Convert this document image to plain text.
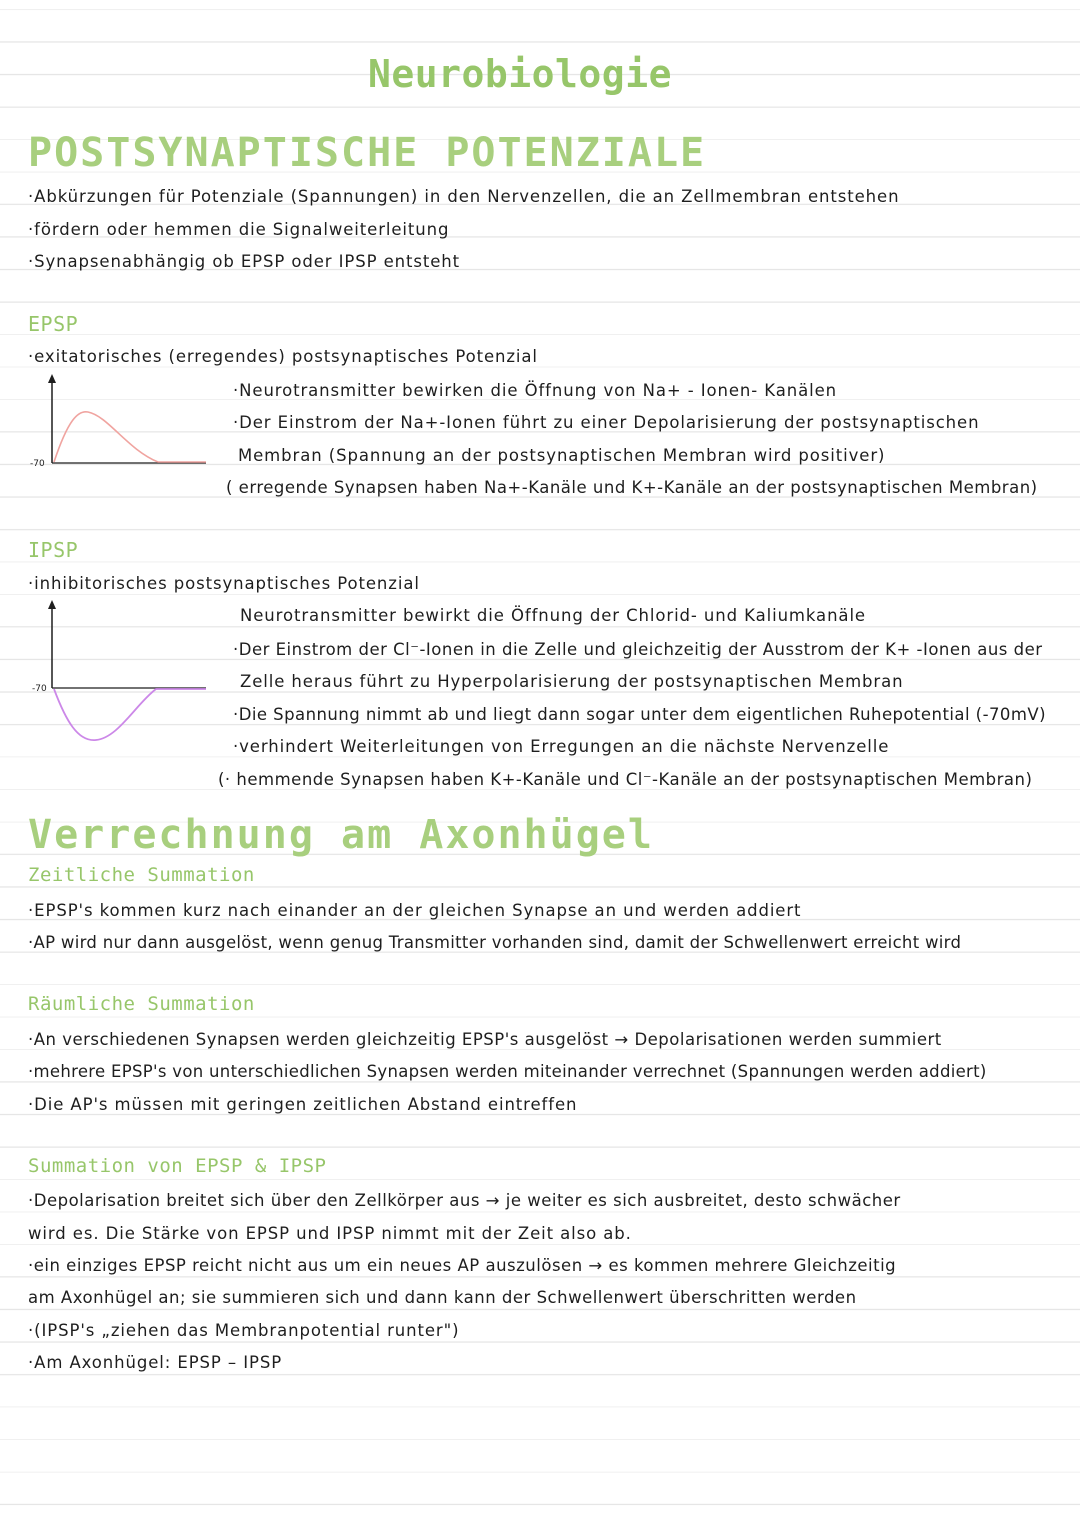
Neurobiologie
POSTSYNAPTISCHE POTENZIALE
·Abkürzungen für Potenziale (Spannungen) in den Nervenzellen, die an Zellmembran entstehen
·fördern oder hemmen die Signalweiterleitung
·Synapsenabhängig ob EPSP oder IPSP entsteht
EPSP
·exitatorisches (erregendes) postsynaptisches Potenzial
-70
·Neurotransmitter bewirken die Öffnung von Na+ - Ionen- Kanälen
·Der Einstrom der Na+-Ionen führt zu einer Depolarisierung der postsynaptischen
Membran (Spannung an der postsynaptischen Membran wird positiver)
( erregende Synapsen haben Na+-Kanäle und K+-Kanäle an der postsynaptischen Membran)
IPSP
·inhibitorisches postsynaptisches Potenzial
-70
Neurotransmitter bewirkt die Öffnung der Chlorid- und Kaliumkanäle
·Der Einstrom der Cl⁻-Ionen in die Zelle und gleichzeitig der Ausstrom der K+ -Ionen aus der
Zelle heraus führt zu Hyperpolarisierung der postsynaptischen Membran
·Die Spannung nimmt ab und liegt dann sogar unter dem eigentlichen Ruhepotential (-70mV)
·verhindert Weiterleitungen von Erregungen an die nächste Nervenzelle
(· hemmende Synapsen haben K+-Kanäle und Cl⁻-Kanäle an der postsynaptischen Membran)
Verrechnung am Axonhügel
Zeitliche Summation
·EPSP's kommen kurz nach einander an der gleichen Synapse an und werden addiert
·AP wird nur dann ausgelöst, wenn genug Transmitter vorhanden sind, damit der Schwellenwert erreicht wird
Räumliche Summation
·An verschiedenen Synapsen werden gleichzeitig EPSP's ausgelöst → Depolarisationen werden summiert
·mehrere EPSP's von unterschiedlichen Synapsen werden miteinander verrechnet (Spannungen werden addiert)
·Die AP's müssen mit geringen zeitlichen Abstand eintreffen
Summation von EPSP & IPSP
·Depolarisation breitet sich über den Zellkörper aus → je weiter es sich ausbreitet, desto schwächer
wird es. Die Stärke von EPSP und IPSP nimmt mit der Zeit also ab.
·ein einziges EPSP reicht nicht aus um ein neues AP auszulösen → es kommen mehrere Gleichzeitig
am Axonhügel an; sie summieren sich und dann kann der Schwellenwert überschritten werden
·(IPSP's „ziehen das Membranpotential runter")
·Am Axonhügel: EPSP – IPSP
